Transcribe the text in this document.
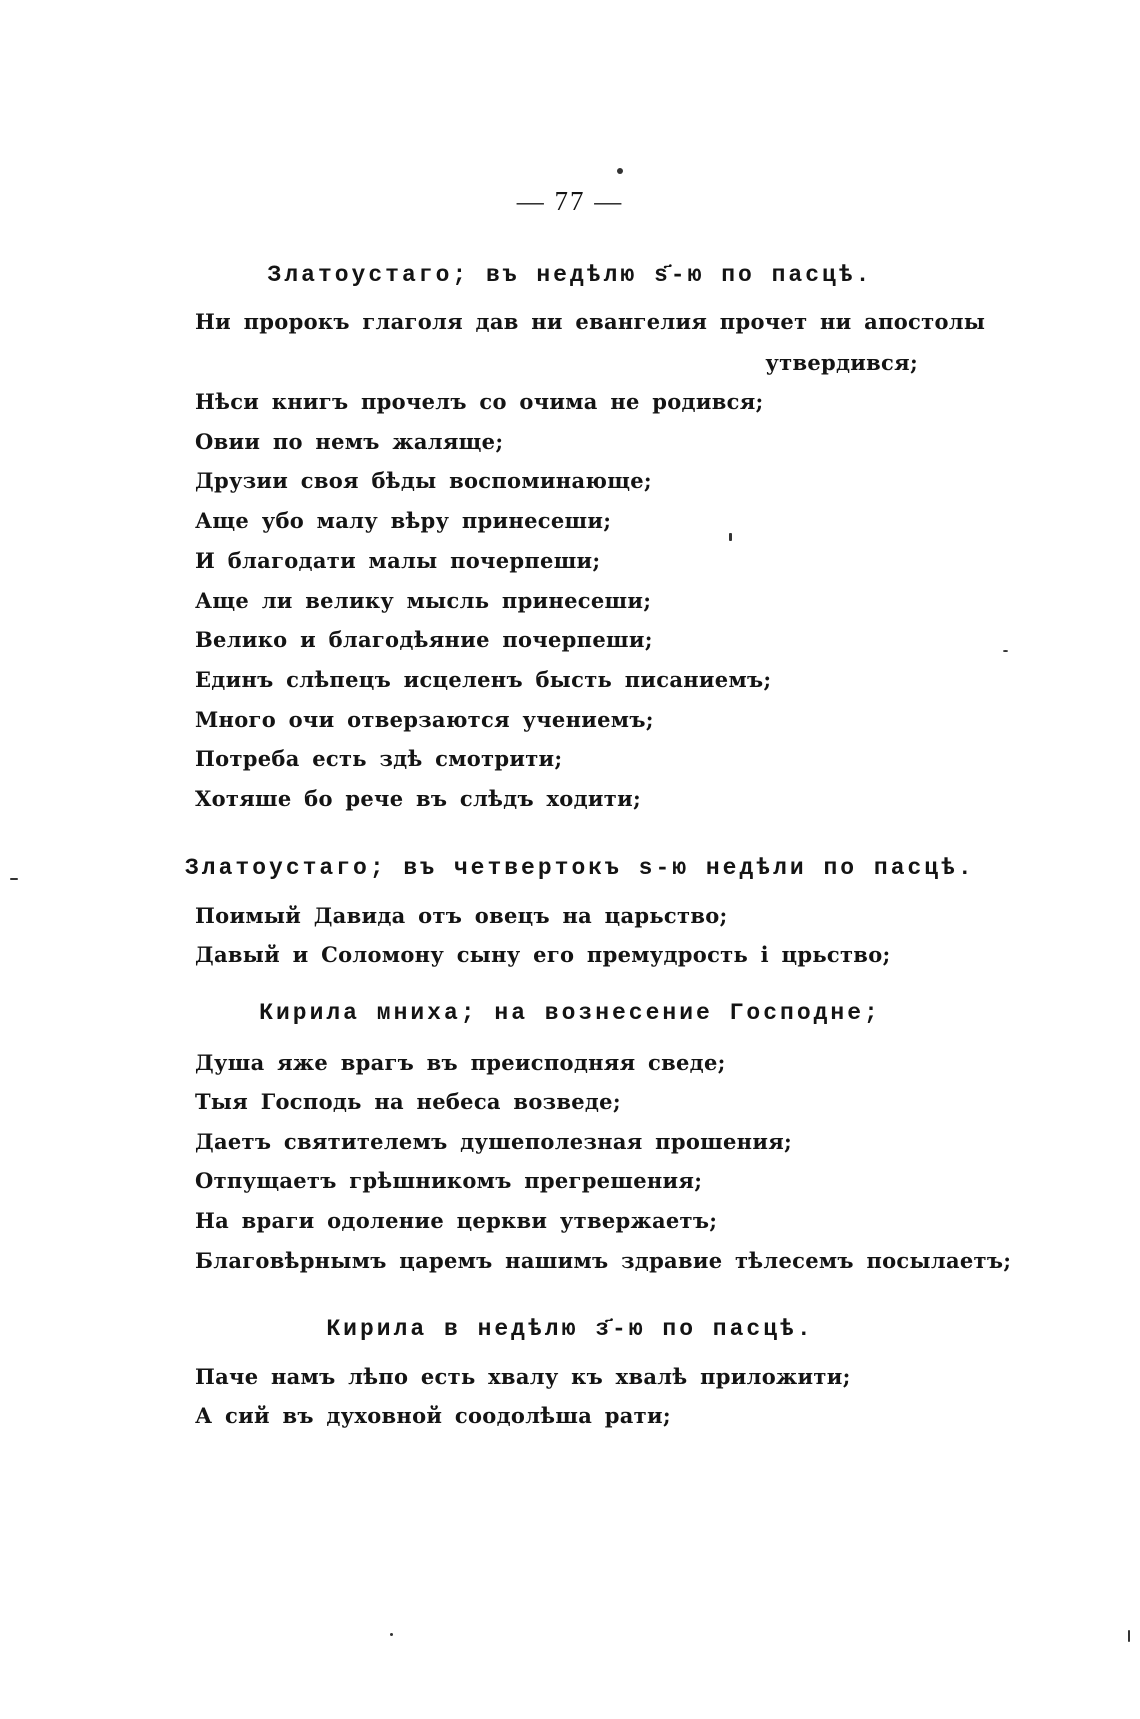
— 77 —
Златоустаго; въ недѣлю ѕ҃-ю по пасцѣ.
Ни пророкъ глаголя дав ни евангелия прочет ни апостолы
утвердився;
Нѣси книгъ прочелъ со очима не родився;
Овии по немъ жаляще;
Друзии своя бѣды воспоминающе;
Аще убо малу вѣру принесеши;
И благодати малы почерпеши;
Аще ли велику мысль принесеши;
Велико и благодѣяние почерпеши;
Единъ слѣпецъ исцеленъ бысть писаниемъ;
Много очи отверзаются учениемъ;
Потреба есть здѣ смотрити;
Хотяше бо рече въ слѣдъ ходити;
Златоустаго; въ четвертокъ ѕ-ю недѣли по пасцѣ.
Поимый Давида отъ овецъ на царьство;
Давый и Соломону сыну его премудрость і црьство;
Кирила мниха; на вознесение Господне;
Душа яже врагъ въ преисподняя сведе;
Тыя Господь на небеса возведе;
Даетъ святителемъ душеполезная прошения;
Отпущаетъ грѣшникомъ прегрешения;
На враги одоление церкви утвержаетъ;
Благовѣрнымъ царемъ нашимъ здравие тѣлесемъ посылаетъ;
Кирила в недѣлю з҃-ю по пасцѣ.
Паче намъ лѣпо есть хвалу къ хвалѣ приложити;
А сий въ духовной соодолѣша рати;
